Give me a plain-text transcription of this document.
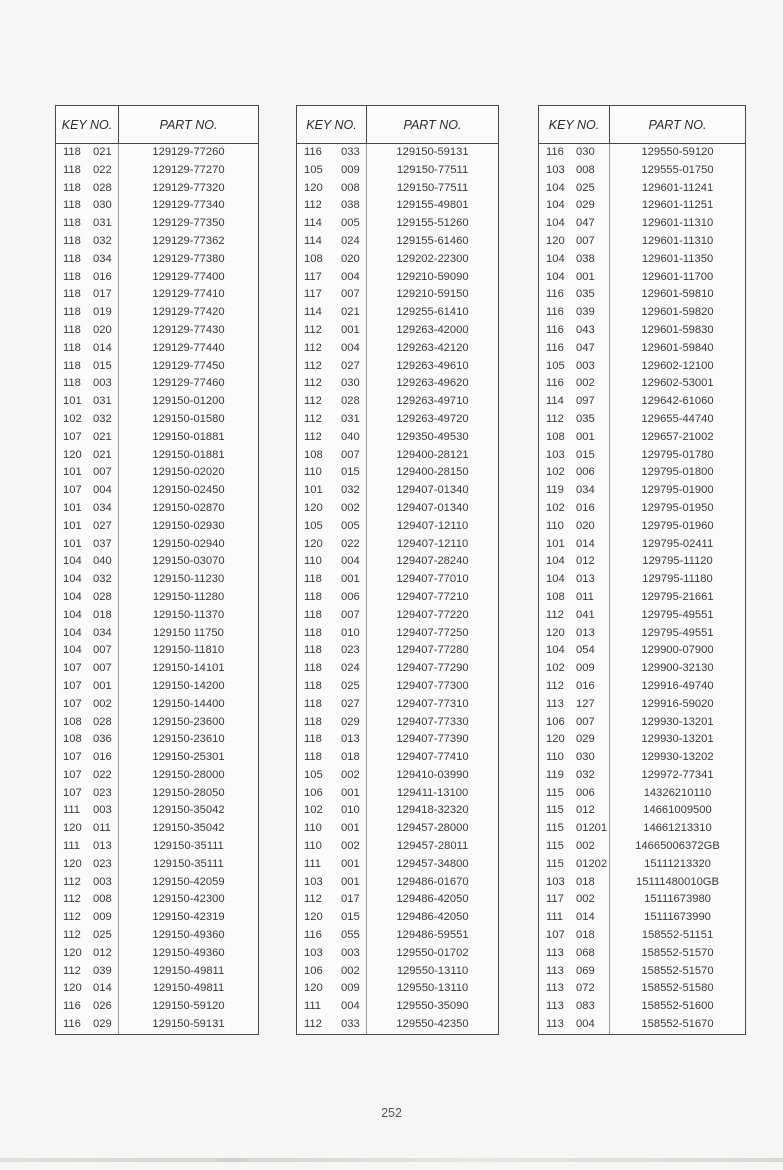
KEY NO.	PART NO.
118 021	129129-77260
118 022	129129-77270
118 028	129129-77320
118 030	129129-77340
118 031	129129-77350
118 032	129129-77362
118 034	129129-77380
118 016	129129-77400
118 017	129129-77410
118 019	129129-77420
118 020	129129-77430
118 014	129129-77440
118 015	129129-77450
118 003	129129-77460
101 031	129150-01200
102 032	129150-01580
107 021	129150-01881
120 021	129150-01881
101 007	129150-02020
107 004	129150-02450
101 034	129150-02870
101 027	129150-02930
101 037	129150-02940
104 040	129150-03070
104 032	129150-11230
104 028	129150-11280
104 018	129150-11370
104 034	129150 11750
104 007	129150-11810
107 007	129150-14101
107 001	129150-14200
107 002	129150-14400
108 028	129150-23600
108 036	129150-23610
107 016	129150-25301
107 022	129150-28000
107 023	129150-28050
111 003	129150-35042
120 011	129150-35042
111 013	129150-35111
120 023	129150-35111
112 003	129150-42059
112 008	129150-42300
112 009	129150-42319
112 025	129150-49360
120 012	129150-49360
112 039	129150-49811
120 014	129150-49811
116 026	129150-59120
116 029	129150-59131
KEY NO.	PART NO.
116 033	129150-59131
105 009	129150-77511
120 008	129150-77511
112 038	129155-49801
114 005	129155-51260
114 024	129155-61460
108 020	129202-22300
117 004	129210-59090
117 007	129210-59150
114 021	129255-61410
112 001	129263-42000
112 004	129263-42120
112 027	129263-49610
112 030	129263-49620
112 028	129263-49710
112 031	129263-49720
112 040	129350-49530
108 007	129400-28121
110 015	129400-28150
101 032	129407-01340
120 002	129407-01340
105 005	129407-12110
120 022	129407-12110
110 004	129407-28240
118 001	129407-77010
118 006	129407-77210
118 007	129407-77220
118 010	129407-77250
118 023	129407-77280
118 024	129407-77290
118 025	129407-77300
118 027	129407-77310
118 029	129407-77330
118 013	129407-77390
118 018	129407-77410
105 002	129410-03990
106 001	129411-13100
102 010	129418-32320
110 001	129457-28000
110 002	129457-28011
111 001	129457-34800
103 001	129486-01670
112 017	129486-42050
120 015	129486-42050
116 055	129486-59551
103 003	129550-01702
106 002	129550-13110
120 009	129550-13110
111 004	129550-35090
112 033	129550-42350
KEY NO.	PART NO.
116 030	129550-59120
103 008	129555-01750
104 025	129601-11241
104 029	129601-11251
104 047	129601-11310
120 007	129601-11310
104 038	129601-11350
104 001	129601-11700
116 035	129601-59810
116 039	129601-59820
116 043	129601-59830
116 047	129601-59840
105 003	129602-12100
116 002	129602-53001
114 097	129642-61060
112 035	129655-44740
108 001	129657-21002
103 015	129795-01780
102 006	129795-01800
119 034	129795-01900
102 016	129795-01950
110 020	129795-01960
101 014	129795-02411
104 012	129795-11120
104 013	129795-11180
108 011	129795-21661
112 041	129795-49551
120 013	129795-49551
104 054	129900-07900
102 009	129900-32130
112 016	129916-49740
113 127	129916-59020
106 007	129930-13201
120 029	129930-13201
110 030	129930-13202
119 032	129972-77341
115 006	14326210110
115 012	14661009500
115 01201	14661213310
115 002	14665006372GB
115 01202	15111213320
103 018	15111480010GB
117 002	15111673980
111 014	15111673990
107 018	158552-51151
113 068	158552-51570
113 069	158552-51570
113 072	158552-51580
113 083	158552-51600
113 004	158552-51670
252
